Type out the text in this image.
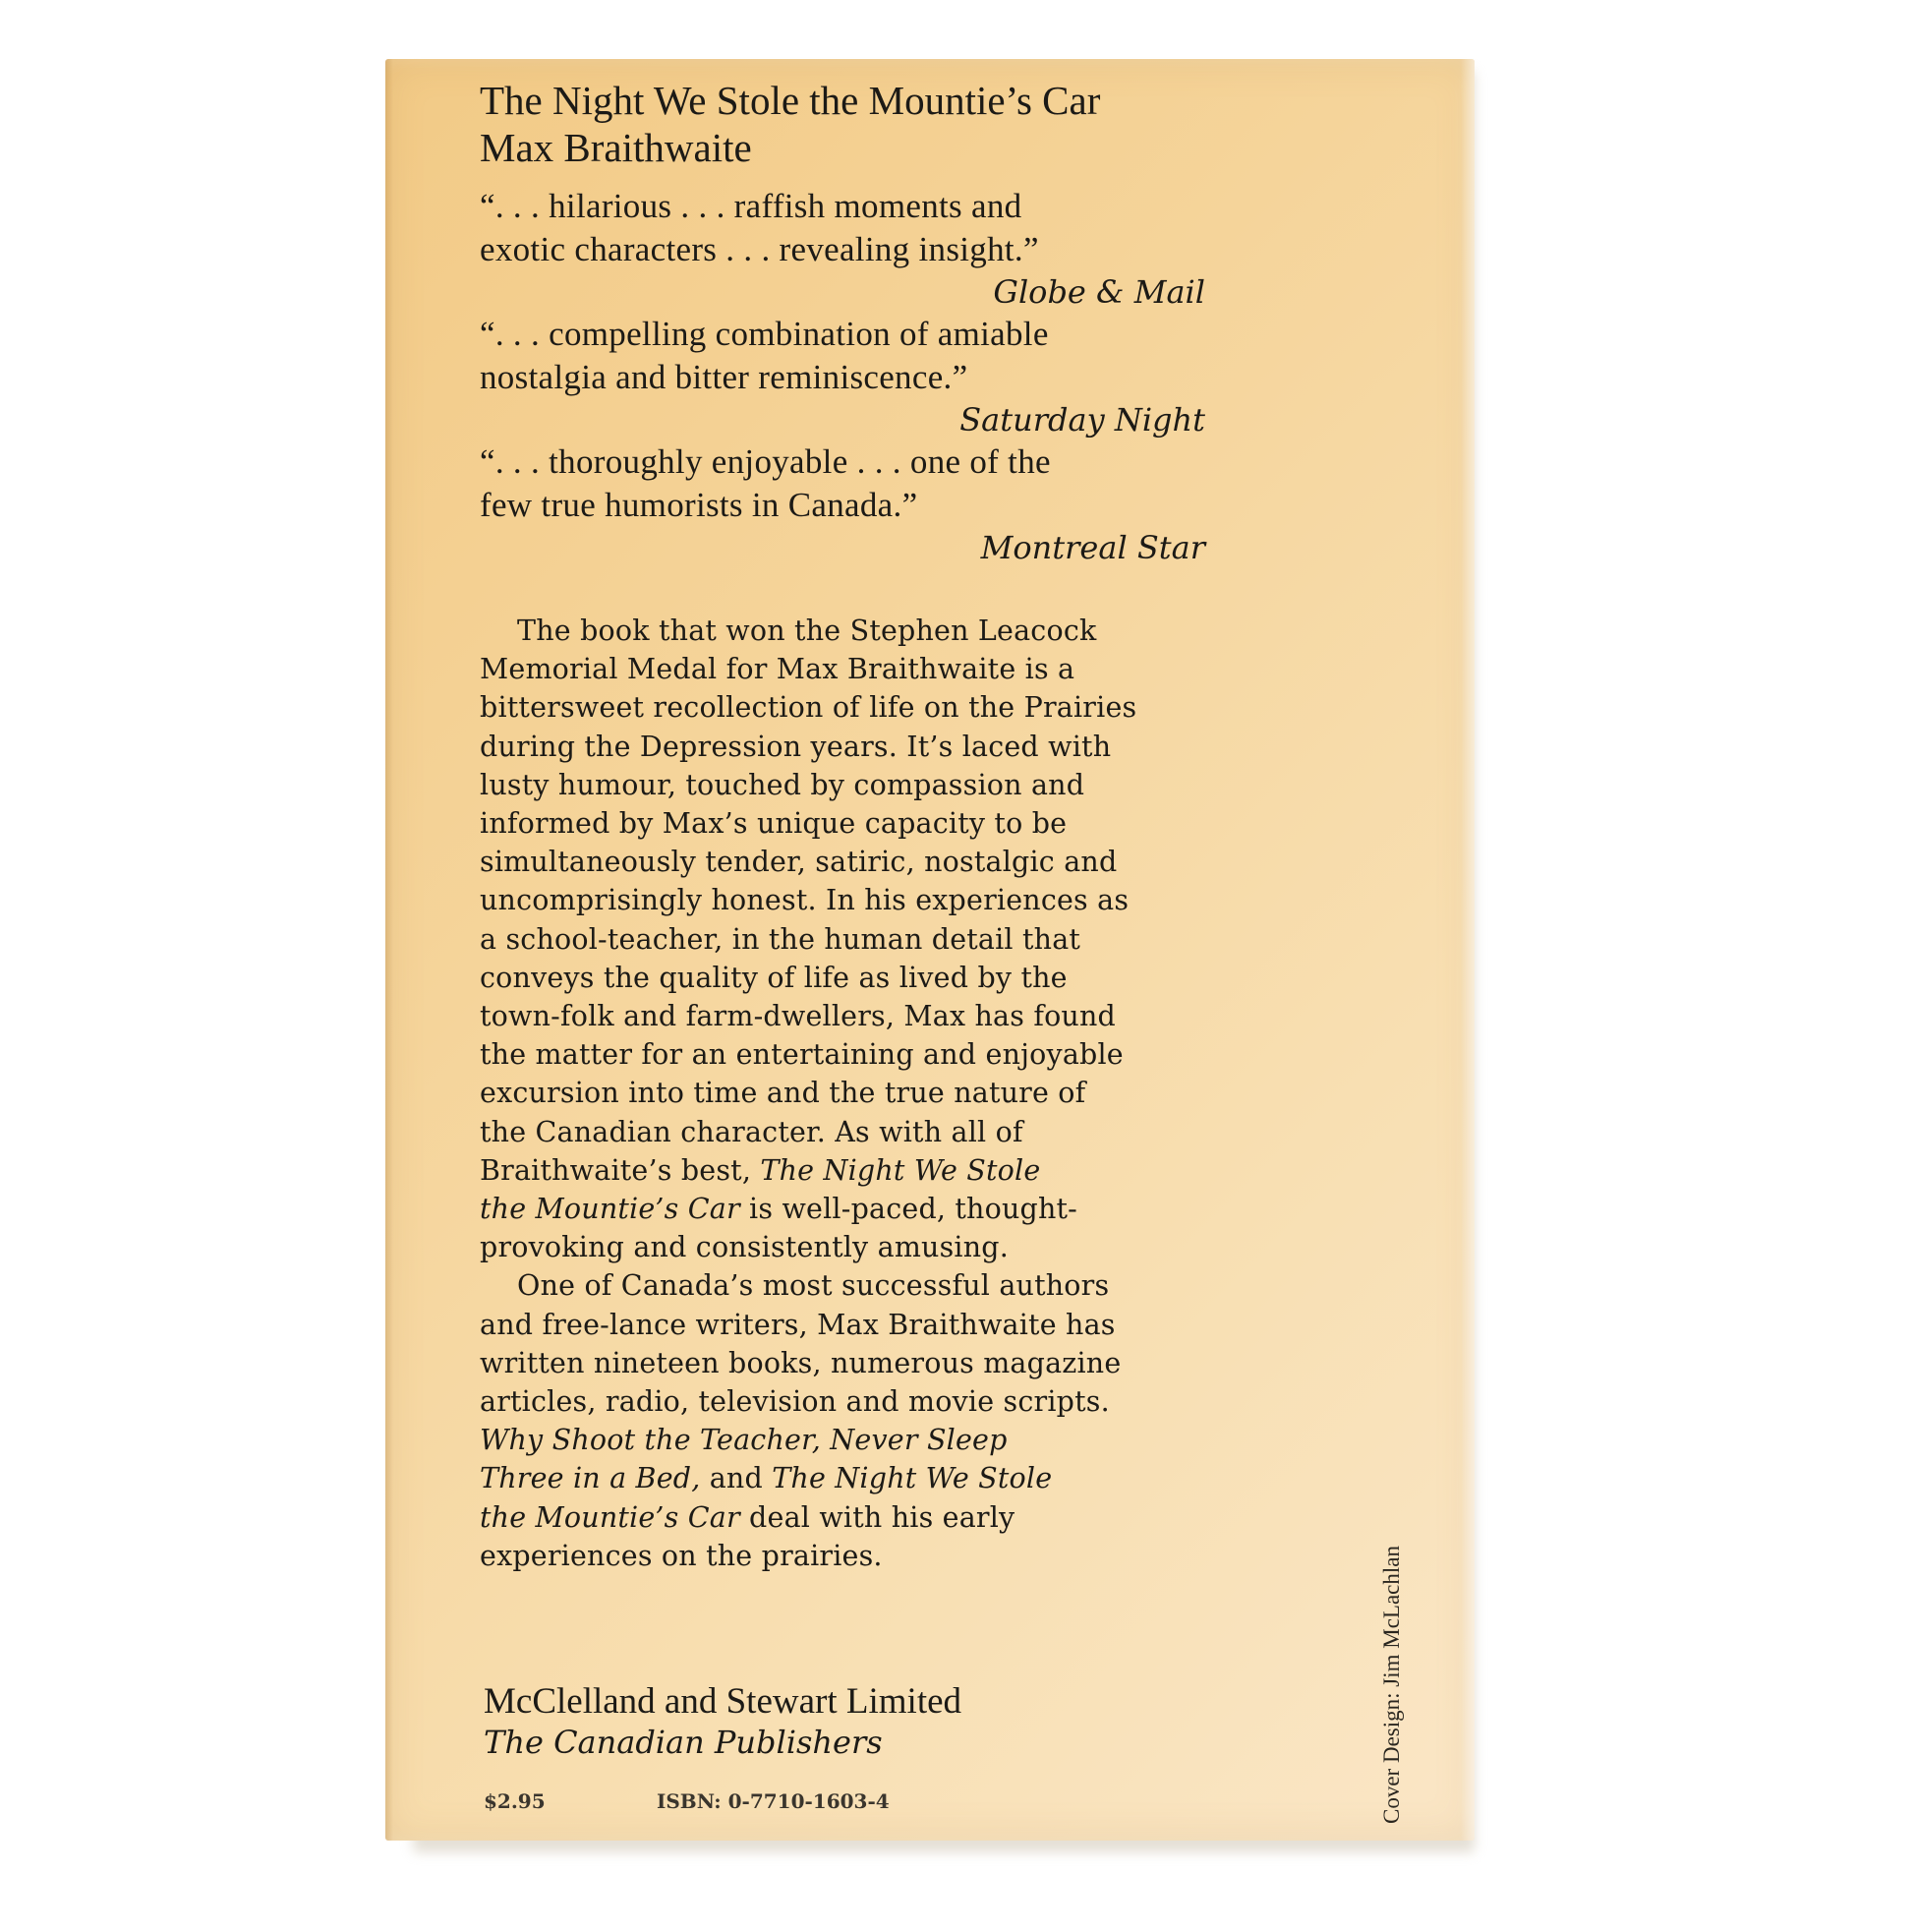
The Night We Stole the Mountie’s Car
Max Braithwaite

“. . . hilarious . . . raffish moments and

exotic characters . . . revealing insight.”

Globe & Mail

“. . . compelling combination of amiable

nostalgia and bitter reminiscence.”

Saturday Night

“. . . thoroughly enjoyable . . . one of the

few true humorists in Canada.”

Montreal Star

The book that won the Stephen Leacock

Memorial Medal for Max Braithwaite is a

bittersweet recollection of life on the Prairies

during the Depression years. It’s laced with

lusty humour, touched by compassion and

informed by Max’s unique capacity to be

simultaneously tender, satiric, nostalgic and

uncomprisingly honest. In his experiences as

a school-teacher, in the human detail that

conveys the quality of life as lived by the

town-folk and farm-dwellers, Max has found

the matter for an entertaining and enjoyable

excursion into time and the true nature of

the Canadian character. As with all of

Braithwaite’s best, The Night We Stole

the Mountie’s Car is well-paced, thought-

provoking and consistently amusing.

One of Canada’s most successful authors

and free-lance writers, Max Braithwaite has

written nineteen books, numerous magazine

articles, radio, television and movie scripts.

Why Shoot the Teacher, Never Sleep

Three in a Bed, and The Night We Stole

the Mountie’s Car deal with his early

experiences on the prairies.

McClelland and Stewart Limited

The Canadian Publishers

$2.95	ISBN: 0-7710-1603-4	Cover Design: Jim McLachlan
